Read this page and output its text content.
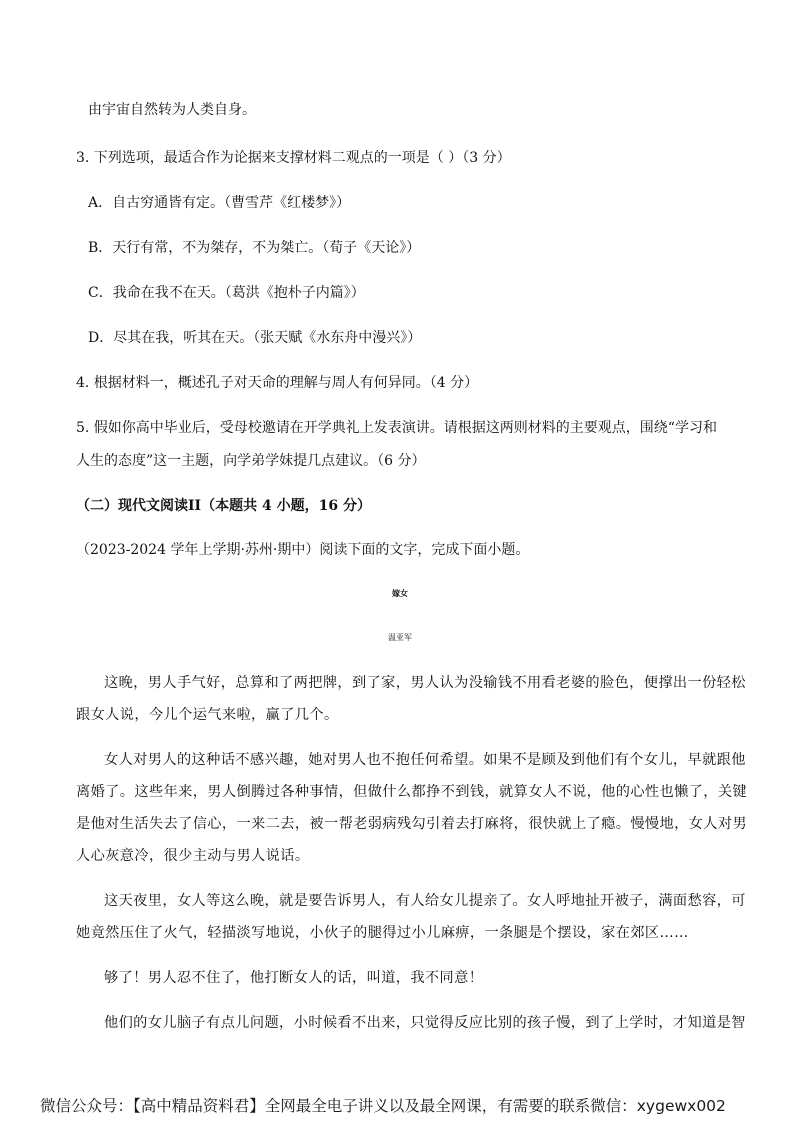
由宇宙自然转为人类自身。
3. 下列选项，最适合作为论据来支撑材料二观点的一项是（ ）（3 分）
A．自古穷通皆有定。（曹雪芹《红楼梦》）
B．天行有常，不为桀存，不为桀亡。（荀子《天论》）
C．我命在我不在天。（葛洪《抱朴子内篇》）
D．尽其在我，听其在天。（张天赋《水东舟中漫兴》）
4. 根据材料一，概述孔子对天命的理解与周人有何异同。（4 分）
5. 假如你高中毕业后，受母校邀请在开学典礼上发表演讲。请根据这两则材料的主要观点，围绕“学习和
人生的态度”这一主题，向学弟学妹提几点建议。（6 分）
（二）现代文阅读II（本题共 4 小题，16 分）
（2023-2024 学年上学期·苏州·期中）阅读下面的文字，完成下面小题。
嫁女
温亚军
这晚，男人手气好，总算和了两把牌，到了家，男人认为没输钱不用看老婆的脸色，便撑出一份轻松
跟女人说，今儿个运气来啦，赢了几个。
女人对男人的这种话不感兴趣，她对男人也不抱任何希望。如果不是顾及到他们有个女儿，早就跟他
离婚了。这些年来，男人倒腾过各种事情，但做什么都挣不到钱，就算女人不说，他的心性也懒了，关键
是他对生活失去了信心，一来二去，被一帮老弱病残勾引着去打麻将，很快就上了瘾。慢慢地，女人对男
人心灰意冷，很少主动与男人说话。
这天夜里，女人等这么晚，就是要告诉男人，有人给女儿提亲了。女人呼地扯开被子，满面愁容，可
她竟然压住了火气，轻描淡写地说，小伙子的腿得过小儿麻痹，一条腿是个摆设，家在郊区……
够了！男人忍不住了，他打断女人的话，叫道，我不同意！
他们的女儿脑子有点儿问题，小时候看不出来，只觉得反应比别的孩子慢，到了上学时，才知道是智
微信公众号：【高中精品资料君】全网最全电子讲义以及最全网课，有需要的联系微信：xygewx002
